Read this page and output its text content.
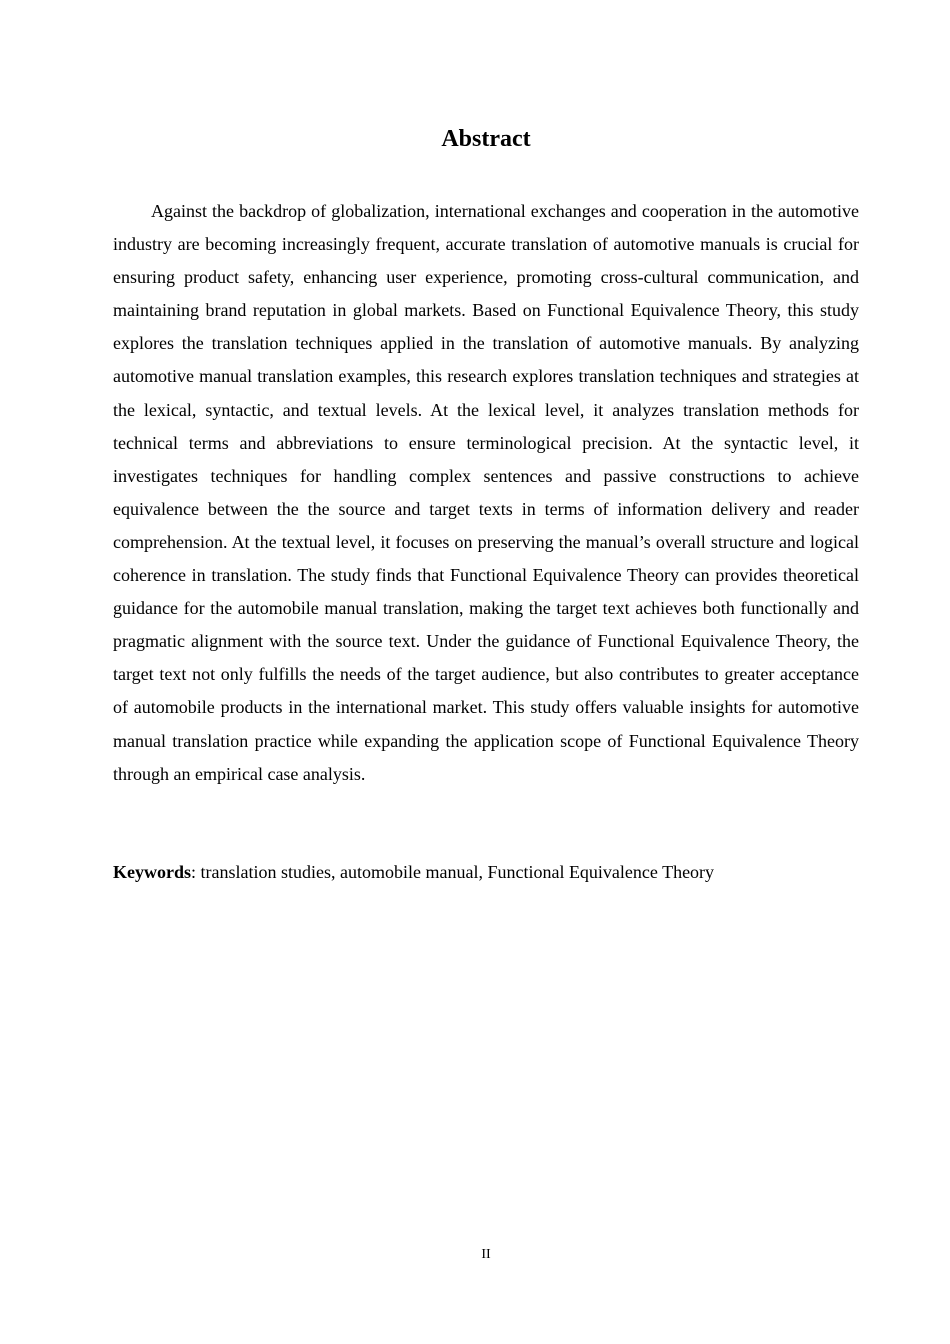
Abstract

Against the backdrop of globalization, international exchanges and cooperation in the automotive industry are becoming increasingly frequent, accurate translation of automotive manuals is crucial for ensuring product safety, enhancing user experience, promoting cross-cultural communication, and maintaining brand reputation in global markets. Based on Functional Equivalence Theory, this study explores the translation techniques applied in the translation of automotive manuals. By analyzing automotive manual translation examples, this research explores translation techniques and strategies at the lexical, syntactic, and textual levels. At the lexical level, it analyzes translation methods for technical terms and abbreviations to ensure terminological precision. At the syntactic level, it investigates techniques for handling complex sentences and passive constructions to achieve equivalence between the the source and target texts in terms of information delivery and reader comprehension. At the textual level, it focuses on preserving the manual’s overall structure and logical coherence in translation. The study finds that Functional Equivalence Theory can provides theoretical guidance for the automobile manual translation, making the target text achieves both functionally and pragmatic alignment with the source text. Under the guidance of Functional Equivalence Theory, the target text not only fulfills the needs of the target audience, but also contributes to greater acceptance of automobile products in the international market. This study offers valuable insights for automotive manual translation practice while expanding the application scope of Functional Equivalence Theory through an empirical case analysis.

Keywords: translation studies, automobile manual, Functional Equivalence Theory

II
